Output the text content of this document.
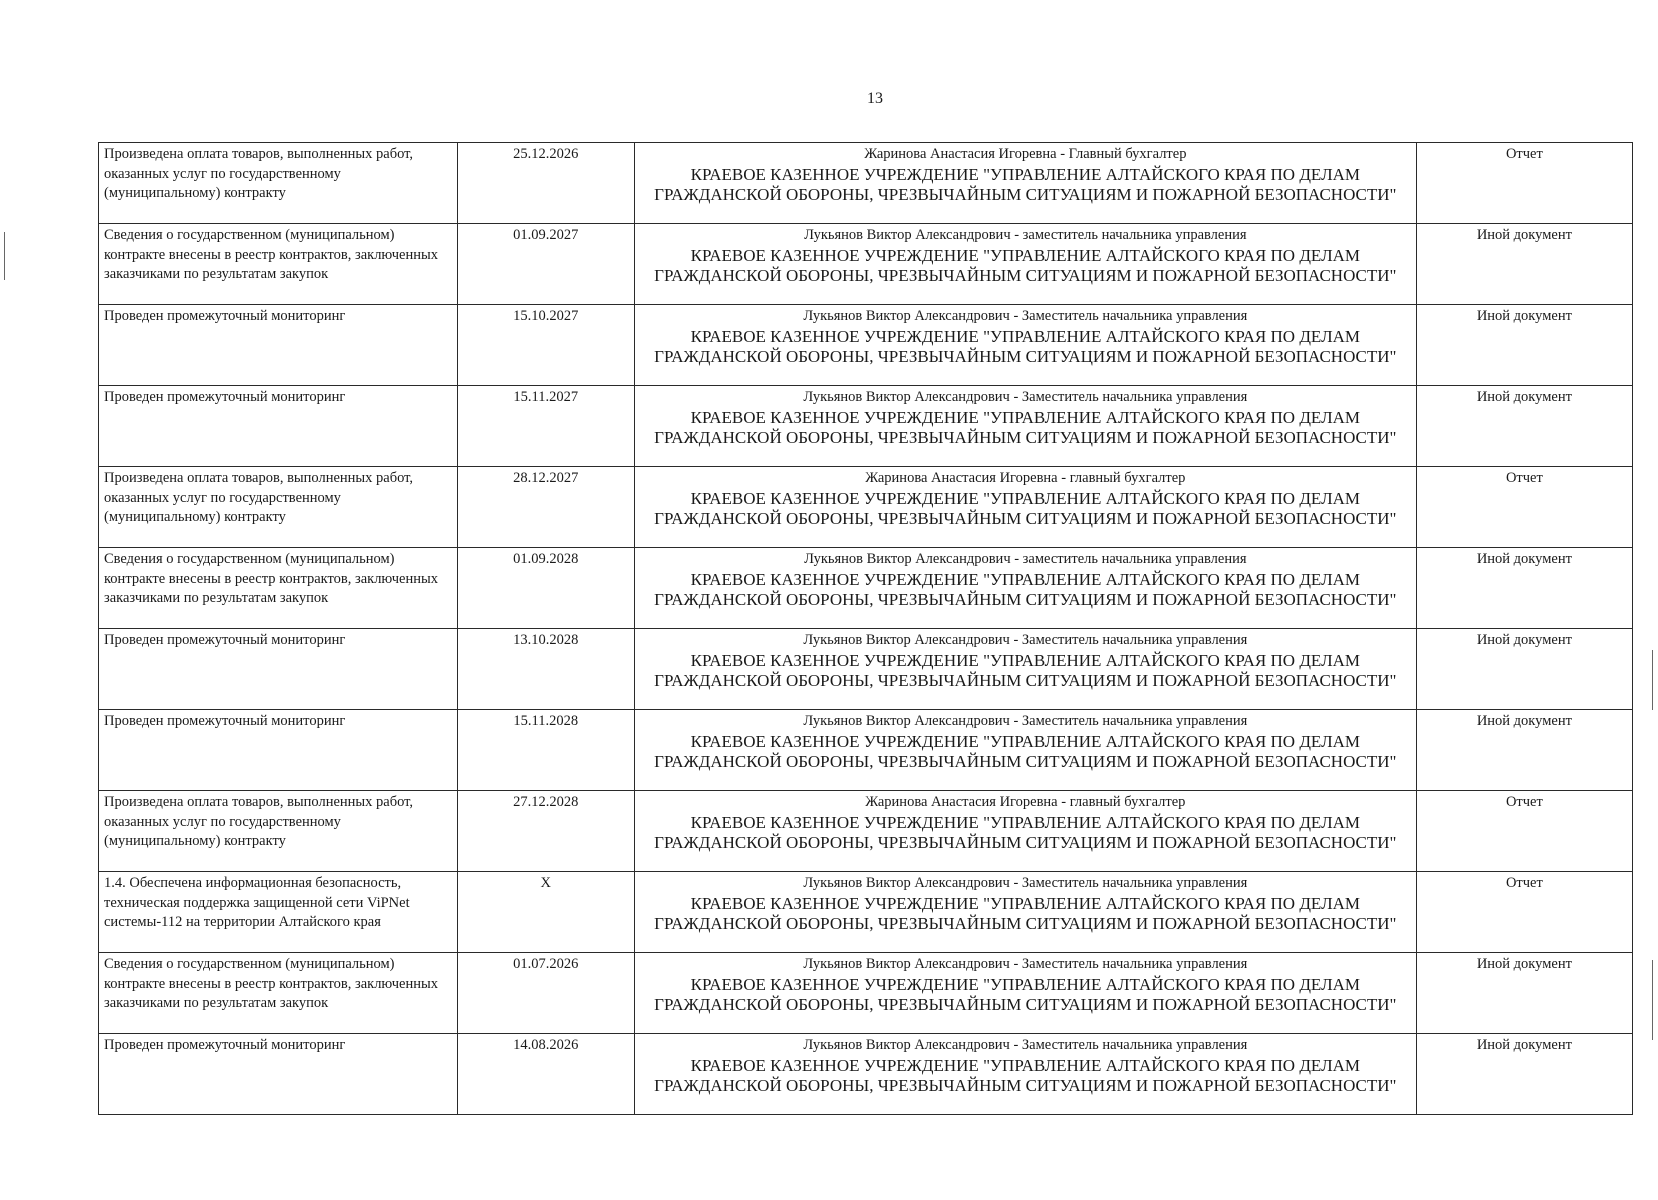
13
Произведена оплата товаров, выполненных работ, оказанных услуг по государственному (муниципальному) контракту	25.12.2026	Жаринова Анастасия Игоревна - Главный бухгалтер
КРАЕВОЕ КАЗЕННОЕ УЧРЕЖДЕНИЕ "УПРАВЛЕНИЕ АЛТАЙСКОГО КРАЯ ПО ДЕЛАМ ГРАЖДАНСКОЙ ОБОРОНЫ, ЧРЕЗВЫЧАЙНЫМ СИТУАЦИЯМ И ПОЖАРНОЙ БЕЗОПАСНОСТИ"	Отчет
Сведения о государственном (муниципальном) контракте внесены в реестр контрактов, заключенных заказчиками по результатам закупок	01.09.2027	Лукьянов Виктор Александрович - заместитель начальника управления
КРАЕВОЕ КАЗЕННОЕ УЧРЕЖДЕНИЕ "УПРАВЛЕНИЕ АЛТАЙСКОГО КРАЯ ПО ДЕЛАМ ГРАЖДАНСКОЙ ОБОРОНЫ, ЧРЕЗВЫЧАЙНЫМ СИТУАЦИЯМ И ПОЖАРНОЙ БЕЗОПАСНОСТИ"	Иной документ
Проведен промежуточный мониторинг	15.10.2027	Лукьянов Виктор Александрович - Заместитель начальника управления
КРАЕВОЕ КАЗЕННОЕ УЧРЕЖДЕНИЕ "УПРАВЛЕНИЕ АЛТАЙСКОГО КРАЯ ПО ДЕЛАМ ГРАЖДАНСКОЙ ОБОРОНЫ, ЧРЕЗВЫЧАЙНЫМ СИТУАЦИЯМ И ПОЖАРНОЙ БЕЗОПАСНОСТИ"	Иной документ
Проведен промежуточный мониторинг	15.11.2027	Лукьянов Виктор Александрович - Заместитель начальника управления
КРАЕВОЕ КАЗЕННОЕ УЧРЕЖДЕНИЕ "УПРАВЛЕНИЕ АЛТАЙСКОГО КРАЯ ПО ДЕЛАМ ГРАЖДАНСКОЙ ОБОРОНЫ, ЧРЕЗВЫЧАЙНЫМ СИТУАЦИЯМ И ПОЖАРНОЙ БЕЗОПАСНОСТИ"	Иной документ
Произведена оплата товаров, выполненных работ, оказанных услуг по государственному (муниципальному) контракту	28.12.2027	Жаринова Анастасия Игоревна - главный бухгалтер
КРАЕВОЕ КАЗЕННОЕ УЧРЕЖДЕНИЕ "УПРАВЛЕНИЕ АЛТАЙСКОГО КРАЯ ПО ДЕЛАМ ГРАЖДАНСКОЙ ОБОРОНЫ, ЧРЕЗВЫЧАЙНЫМ СИТУАЦИЯМ И ПОЖАРНОЙ БЕЗОПАСНОСТИ"	Отчет
Сведения о государственном (муниципальном) контракте внесены в реестр контрактов, заключенных заказчиками по результатам закупок	01.09.2028	Лукьянов Виктор Александрович - заместитель начальника управления
КРАЕВОЕ КАЗЕННОЕ УЧРЕЖДЕНИЕ "УПРАВЛЕНИЕ АЛТАЙСКОГО КРАЯ ПО ДЕЛАМ ГРАЖДАНСКОЙ ОБОРОНЫ, ЧРЕЗВЫЧАЙНЫМ СИТУАЦИЯМ И ПОЖАРНОЙ БЕЗОПАСНОСТИ"	Иной документ
Проведен промежуточный мониторинг	13.10.2028	Лукьянов Виктор Александрович - Заместитель начальника управления
КРАЕВОЕ КАЗЕННОЕ УЧРЕЖДЕНИЕ "УПРАВЛЕНИЕ АЛТАЙСКОГО КРАЯ ПО ДЕЛАМ ГРАЖДАНСКОЙ ОБОРОНЫ, ЧРЕЗВЫЧАЙНЫМ СИТУАЦИЯМ И ПОЖАРНОЙ БЕЗОПАСНОСТИ"	Иной документ
Проведен промежуточный мониторинг	15.11.2028	Лукьянов Виктор Александрович - Заместитель начальника управления
КРАЕВОЕ КАЗЕННОЕ УЧРЕЖДЕНИЕ "УПРАВЛЕНИЕ АЛТАЙСКОГО КРАЯ ПО ДЕЛАМ ГРАЖДАНСКОЙ ОБОРОНЫ, ЧРЕЗВЫЧАЙНЫМ СИТУАЦИЯМ И ПОЖАРНОЙ БЕЗОПАСНОСТИ"	Иной документ
Произведена оплата товаров, выполненных работ, оказанных услуг по государственному (муниципальному) контракту	27.12.2028	Жаринова Анастасия Игоревна - главный бухгалтер
КРАЕВОЕ КАЗЕННОЕ УЧРЕЖДЕНИЕ "УПРАВЛЕНИЕ АЛТАЙСКОГО КРАЯ ПО ДЕЛАМ ГРАЖДАНСКОЙ ОБОРОНЫ, ЧРЕЗВЫЧАЙНЫМ СИТУАЦИЯМ И ПОЖАРНОЙ БЕЗОПАСНОСТИ"	Отчет
1.4. Обеспечена информационная безопасность, техническая поддержка защищенной сети ViPNet системы-112 на территории Алтайского края	X	Лукьянов Виктор Александрович - Заместитель начальника управления
КРАЕВОЕ КАЗЕННОЕ УЧРЕЖДЕНИЕ "УПРАВЛЕНИЕ АЛТАЙСКОГО КРАЯ ПО ДЕЛАМ ГРАЖДАНСКОЙ ОБОРОНЫ, ЧРЕЗВЫЧАЙНЫМ СИТУАЦИЯМ И ПОЖАРНОЙ БЕЗОПАСНОСТИ"	Отчет
Сведения о государственном (муниципальном) контракте внесены в реестр контрактов, заключенных заказчиками по результатам закупок	01.07.2026	Лукьянов Виктор Александрович - Заместитель начальника управления
КРАЕВОЕ КАЗЕННОЕ УЧРЕЖДЕНИЕ "УПРАВЛЕНИЕ АЛТАЙСКОГО КРАЯ ПО ДЕЛАМ ГРАЖДАНСКОЙ ОБОРОНЫ, ЧРЕЗВЫЧАЙНЫМ СИТУАЦИЯМ И ПОЖАРНОЙ БЕЗОПАСНОСТИ"	Иной документ
Проведен промежуточный мониторинг	14.08.2026	Лукьянов Виктор Александрович - Заместитель начальника управления
КРАЕВОЕ КАЗЕННОЕ УЧРЕЖДЕНИЕ "УПРАВЛЕНИЕ АЛТАЙСКОГО КРАЯ ПО ДЕЛАМ ГРАЖДАНСКОЙ ОБОРОНЫ, ЧРЕЗВЫЧАЙНЫМ СИТУАЦИЯМ И ПОЖАРНОЙ БЕЗОПАСНОСТИ"	Иной документ
